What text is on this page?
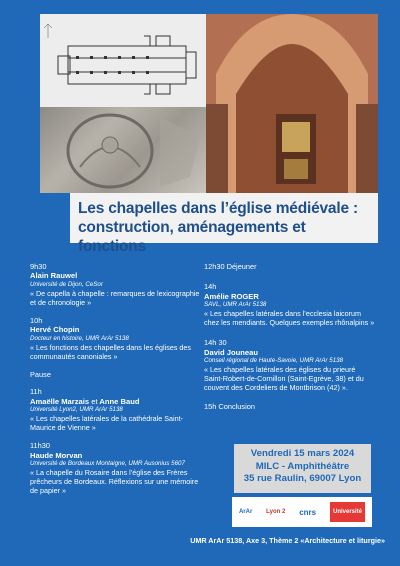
Les chapelles dans l’église médiévale : construction, aménagements et fonctions
9h30
Alain Rauwel
Université de Dijon, CeSor
« De capella à chapelle : remarques de lexicographie et de chronologie »
10h
Hervé Chopin
Docteur en histoire, UMR ArAr 5138
« Les fonctions des chapelles dans les églises des communautés canoniales »
Pause
11h
Amaëlle Marzais et Anne Baud
Université Lyon2, UMR ArAr 5138
« Les chapelles latérales de la cathédrale Saint-Maurice de Vienne »
11h30
Haude Morvan
Université de Bordeaux Montaigne, UMR Ausonius 5607
« La chapelle du Rosaire dans l’église des Frères prêcheurs de Bordeaux. Réflexions sur une mémoire de papier »
12h30 Déjeuner
14h
Amélie ROGER
SAVL, UMR ArAr 5138
« Les chapelles latérales dans l’ecclesia laicorum chez les mendiants. Quelques exemples rhônalpins »
14h 30
David Jouneau
Conseil régional de Haute-Savoie, UMR ArAr 5138
« Les chapelles latérales des églises du prieuré Saint-Robert-de-Cornillon (Saint-Egrève, 38) et du couvent des Cordeliers de Montbrison (42) ».
15h Conclusion
Vendredi 15 mars 2024
MILC - Amphithéâtre
35 rue Raulin, 69007 Lyon
ArAr Lyon 2 cnrs	Université
UMR ArAr 5138, Axe 3, Thème 2 «Architecture et liturgie»
